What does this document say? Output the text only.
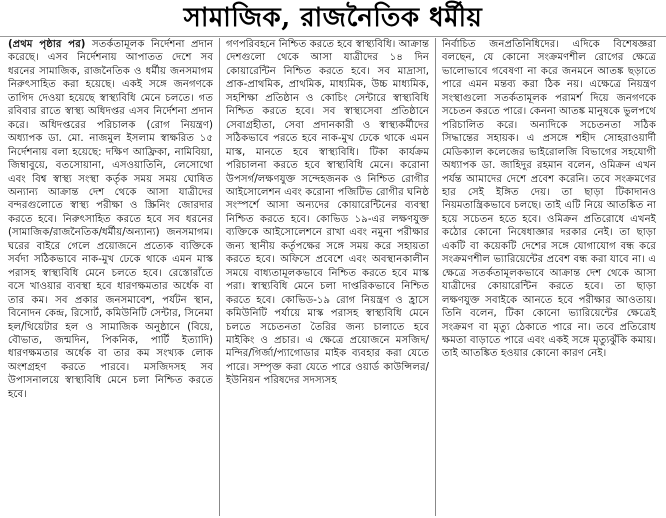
সামাজিক, রাজনৈতিক ধর্মীয়

(প্রথম পৃষ্ঠার পর) সতর্কতামূলক নির্দেশনা প্রদান করেছে। এসব নির্দেশনায় আপাতত দেশে সব ধরনের সামাজিক, রাজনৈতিক ও ধর্মীয় জনসমাগম নিরুৎসাহিত করা হয়েছে। একই সঙ্গে জনগণকে তাগিদ দেওয়া হয়েছে স্বাস্থ্যবিধি মেনে চলতে। গত রবিবার রাতে স্বাস্থ্য অধিদপ্তর এসব নির্দেশনা প্রদান করে। অধিদপ্তরের পরিচালক (রোগ নিয়ন্ত্রণ) অধ্যাপক ডা. মো. নাজমুল ইসলাম স্বাক্ষরিত ১৫ নির্দেশনায় বলা হয়েছে: দক্ষিণ আফ্রিকা, নামিবিয়া, জিম্বাবুয়ে, বতসোয়ানা, এসওয়াতিনি, লেসোথো এবং বিশ্ব স্বাস্থ্য সংস্থা কর্তৃক সময় সময় ঘোষিত অন্যান্য আক্রান্ত দেশ থেকে আসা যাত্রীদের বন্দরগুলোতে স্বাস্থ্য পরীক্ষা ও স্ক্রিনিং জোরদার করতে হবে। নিরুৎসাহিত করতে হবে সব ধরনের (সামাজিক/রাজনৈতিক/ধর্মীয়/অন্যান্য) জনসমাগম। ঘরের বাইরে গেলে প্রয়োজনে প্রত্যেক ব্যক্তিকে সর্বদা সঠিকভাবে নাক-মুখ ঢেকে থাকে এমন মাস্ক পরাসহ স্বাস্থ্যবিধি মেনে চলতে হবে। রেস্তোরাঁতে বসে খাওয়ার ব্যবস্থা হবে ধারণক্ষমতার অর্ধেক বা তার কম। সব প্রকার জনসমাবেশ, পর্যটন স্থান, বিনোদন কেন্দ্র, রিসোর্ট, কমিউনিটি সেন্টার, সিনেমা হল/থিয়েটার হল ও সামাজিক অনুষ্ঠানে (বিয়ে, বৌভাত, জন্মদিন, পিকনিক, পার্টি ইত্যাদি) ধারণক্ষমতার অর্ধেক বা তার কম সংখ্যক লোক অংশগ্রহণ করতে পারবে। মসজিদসহ সব উপাসনালয়ে স্বাস্থ্যবিধি মেনে চলা নিশ্চিত করতে হবে।

গণপরিবহনে নিশ্চিত করতে হবে স্বাস্থ্যবিধি। আক্রান্ত দেশগুলো থেকে আসা যাত্রীদের ১৪ দিন কোয়ারেন্টিন নিশ্চিত করতে হবে। সব মাদ্রাসা, প্রাক-প্রাথমিক, প্রাথমিক, মাধ্যমিক, উচ্চ মাধ্যমিক, সহশিক্ষা প্রতিষ্ঠান ও কোচিং সেন্টারে স্বাস্থ্যবিধি নিশ্চিত করতে হবে। সব স্বাস্থ্যসেবা প্রতিষ্ঠানে সেবাগ্রহীতা, সেবা প্রদানকারী ও স্বাস্থ্যকর্মীদের সঠিকভাবে পরতে হবে নাক-মুখ ঢেকে থাকে এমন মাস্ক, মানতে হবে স্বাস্থ্যবিধি। টিকা কার্যক্রম পরিচালনা করতে হবে স্বাস্থ্যবিধি মেনে। করোনা উপসর্গ/লক্ষণযুক্ত সন্দেহজনক ও নিশ্চিত রোগীর আইসোলেশন এবং করোনা পজিটিভ রোগীর ঘনিষ্ঠ সংস্পর্শে আসা অন্যদের কোয়ারেন্টিনের ব্যবস্থা নিশ্চিত করতে হবে। কোভিড ১৯-এর লক্ষণযুক্ত ব্যক্তিকে আইসোলেশনে রাখা এবং নমুনা পরীক্ষার জন্য স্থানীয় কর্তৃপক্ষের সঙ্গে সময় করে সহায়তা করতে হবে। অফিসে প্রবেশে এবং অবস্থানকালীন সময়ে বাধ্যতামূলকভাবে নিশ্চিত করতে হবে মাস্ক পরা। স্বাস্থ্যবিধি মেনে চলা দাপ্তরিকভাবে নিশ্চিত করতে হবে। কোভিড-১৯ রোগ নিয়ন্ত্রণ ও হ্রাসে কমিউনিটি পর্যায়ে মাস্ক পরাসহ স্বাস্থ্যবিধি মেনে চলতে সচেতনতা তৈরির জন্য চালাতে হবে মাইকিং ও প্রচার। এ ক্ষেত্রে প্রয়োজনে মসজিদ/মন্দির/গির্জা/প্যাগোডার মাইক ব্যবহার করা যেতে পারে। সম্পৃক্ত করা যেতে পারে ওয়ার্ড কাউন্সিলর/ইউনিয়ন পরিষদের সদস্যসহ

নির্বাচিত জনপ্রতিনিধিদের। এদিকে বিশেষজ্ঞরা বলছেন, যে কোনো সংক্রমণশীল রোগের ক্ষেত্রে ভালোভাবে গবেষণা না করে জনমনে আতঙ্ক ছড়াতে পারে এমন মন্তব্য করা ঠিক নয়। এক্ষেত্রে নিয়ন্ত্রণ সংস্থাগুলো সতর্কতামূলক পরামর্শ দিয়ে জনগণকে সচেতন করতে পারে। কেননা আতঙ্ক মানুষকে ভুলপথে পরিচালিত করে। অন্যদিকে সচেতনতা সঠিক সিদ্ধান্তের সহায়ক। এ প্রসঙ্গে শহীদ সোহরাওয়ার্দী মেডিক্যাল কলেজের ভাইরোলজি বিভাগের সহযোগী অধ্যাপক ডা. জাহিদুর রহমান বলেন, ওমিক্রন এখন পর্যন্ত আমাদের দেশে প্রবেশ করেনি। তবে সংক্রমণের হার সেই ইঙ্গিত দেয়। তা ছাড়া টিকাদানও নিয়মতান্ত্রিকভাবে চলছে। তাই এটি নিয়ে আতঙ্কিত না হয়ে সচেতন হতে হবে। ওমিক্রন প্রতিরোধে এখনই কঠোর কোনো নিষেধাজ্ঞার দরকার নেই। তা ছাড়া একটি বা কয়েকটি দেশের সঙ্গে যোগাযোগ বন্ধ করে সংক্রমণশীল ভ্যারিয়েন্টের প্রবেশ বন্ধ করা যাবে না। এ ক্ষেত্রে সতর্কতামূলকভাবে আক্রান্ত দেশ থেকে আসা যাত্রীদের কোয়ারেন্টিন করতে হবে। তা ছাড়া লক্ষণযুক্ত সবাইকে আনতে হবে পরীক্ষার আওতায়। তিনি বলেন, টিকা কোনো ভ্যারিয়েন্টের ক্ষেত্রেই সংক্রমণ বা মৃত্যু ঠেকাতে পারে না। তবে প্রতিরোধ ক্ষমতা বাড়াতে পারে এবং একই সঙ্গে মৃত্যুঝুঁকি কমায়। তাই আতঙ্কিত হওয়ার কোনো কারণ নেই।
